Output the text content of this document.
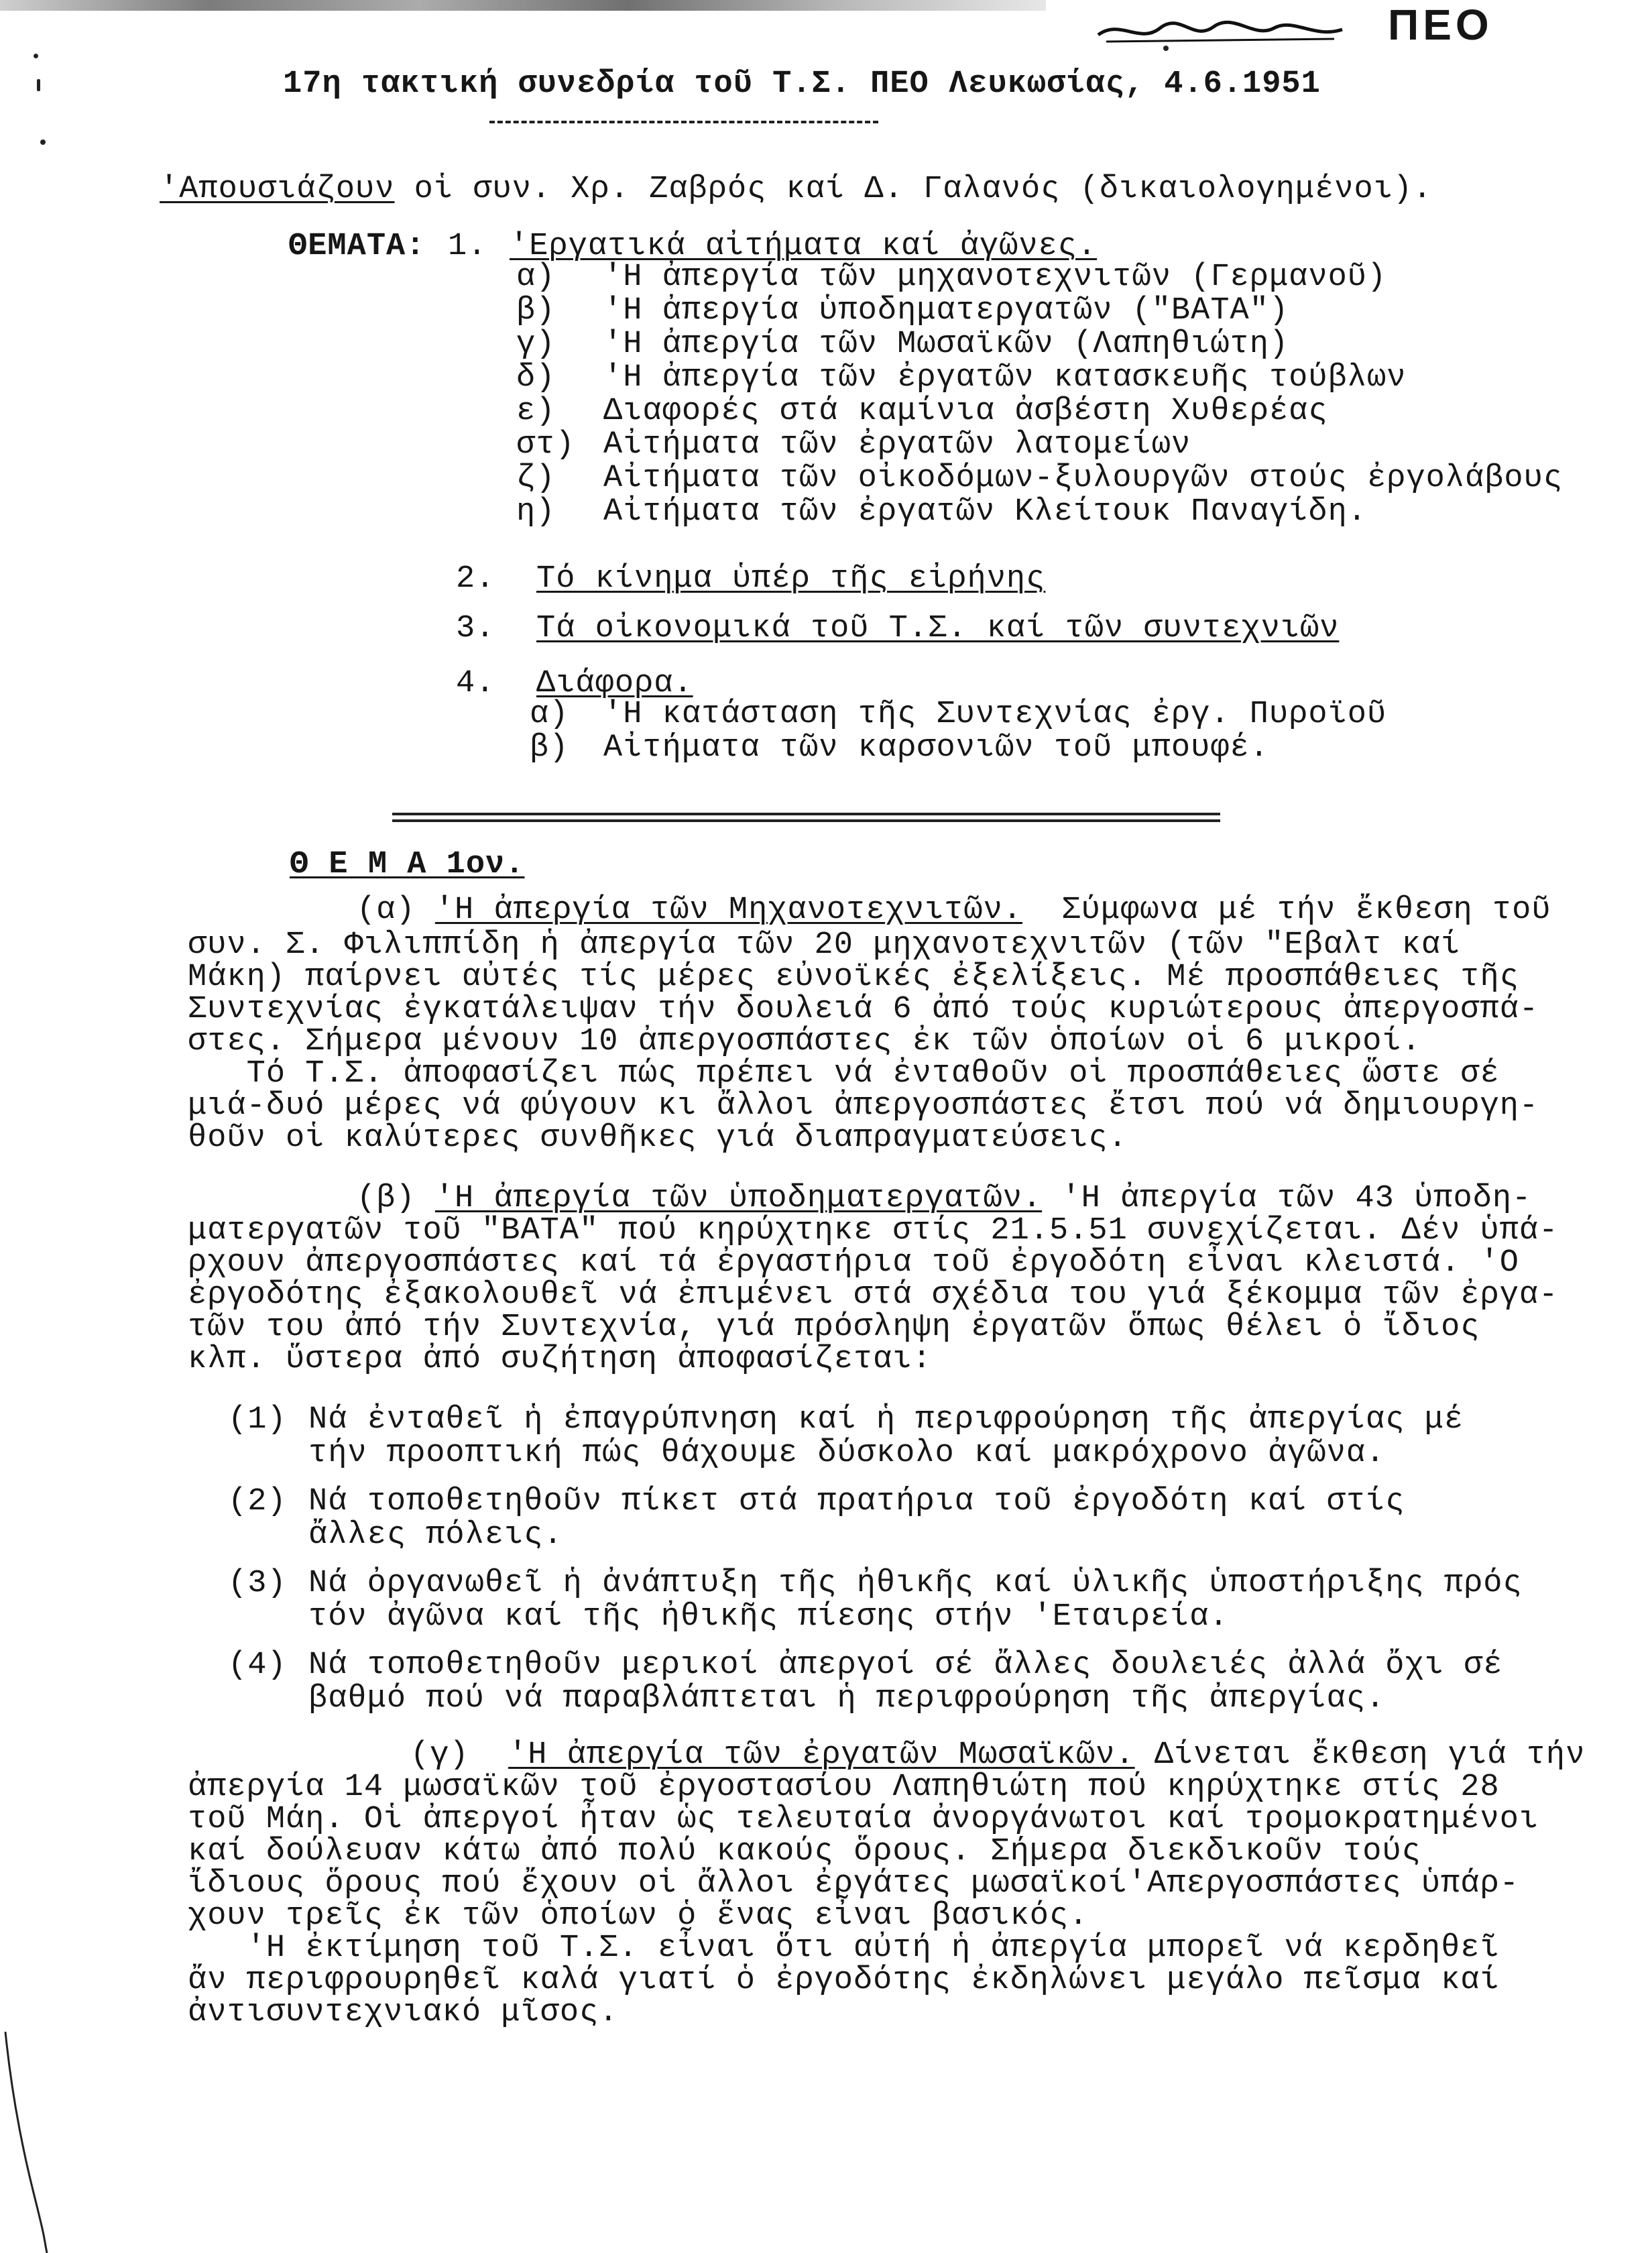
ΠΕΟ
17η τακτική συνεδρία τοῦ Τ.Σ. ΠΕΟ Λευκωσίας, 4.6.1951
'Απουσιάζουν οἱ συν. Χρ. Ζαβρός καί Δ. Γαλανός (δικαιολογημένοι).
ΘΕΜΑΤΑ: 1. 'Εργατικά αἰτήματα καί ἀγῶνες.
α) 'Η ἀπεργία τῶν μηχανοτεχνιτῶν (Γερμανοῦ)
β) 'Η ἀπεργία ὑποδηματεργατῶν ("ΒΑΤΑ")
γ) 'Η ἀπεργία τῶν Μωσαϊκῶν (Λαπηθιώτη)
δ) 'Η ἀπεργία τῶν ἐργατῶν κατασκευῆς τούβλων
ε) Διαφορές στά καμίνια ἀσβέστη Χυθερέας
στ) Αἰτήματα τῶν ἐργατῶν λατομείων
ζ) Αἰτήματα τῶν οἰκοδόμων-ξυλουργῶν στούς ἐργολάβους
η) Αἰτήματα τῶν ἐργατῶν Κλείτουκ Παναγίδη.
2. Τό κίνημα ὑπέρ τῆς εἰρήνης
3. Τά οἰκονομικά τοῦ Τ.Σ. καί τῶν συντεχνιῶν
4. Διάφορα.
α) 'Η κατάσταση τῆς Συντεχνίας ἐργ. Πυροϊοῦ
β) Αἰτήματα τῶν καρσονιῶν τοῦ μπουφέ.
Θ Ε Μ Α 1ον.
(α) 'Η ἀπεργία τῶν Μηχανοτεχνιτῶν. Σύμφωνα μέ τήν ἔκθεση τοῦ
συν. Σ. Φιλιππίδη ἡ ἀπεργία τῶν 20 μηχανοτεχνιτῶν (τῶν "Εβαλτ καί
Μάκη) παίρνει αὐτές τίς μέρες εὐνοϊκές ἐξελίξεις. Μέ προσπάθειες τῆς
Συντεχνίας ἐγκατάλειψαν τήν δουλειά 6 ἀπό τούς κυριώτερους ἀπεργοσπά-
στες. Σήμερα μένουν 10 ἀπεργοσπάστες ἐκ τῶν ὁποίων οἱ 6 μικροί.
Τό Τ.Σ. ἀποφασίζει πώς πρέπει νά ἐνταθοῦν οἱ προσπάθειες ὥστε σέ
μιά-δυό μέρες νά φύγουν κι ἄλλοι ἀπεργοσπάστες ἔτσι πού νά δημιουργη-
θοῦν οἱ καλύτερες συνθῆκες γιά διαπραγματεύσεις.
(β) 'Η ἀπεργία τῶν ὑποδηματεργατῶν. 'Η ἀπεργία τῶν 43 ὑποδη-
ματεργατῶν τοῦ "ΒΑΤΑ" πού κηρύχτηκε στίς 21.5.51 συνεχίζεται. Δέν ὑπά-
ρχουν ἀπεργοσπάστες καί τά ἐργαστήρια τοῦ ἐργοδότη εἶναι κλειστά. 'Ο
ἐργοδότης ἐξακολουθεῖ νά ἐπιμένει στά σχέδια του γιά ξέκομμα τῶν ἐργα-
τῶν του ἀπό τήν Συντεχνία, γιά πρόσληψη ἐργατῶν ὅπως θέλει ὁ ἴδιος
κλπ. ὕστερα ἀπό συζήτηση ἀποφασίζεται:
(1) Νά ἐνταθεῖ ἡ ἐπαγρύπνηση καί ἡ περιφρούρηση τῆς ἀπεργίας μέ
τήν προοπτική πώς θάχουμε δύσκολο καί μακρόχρονο ἀγῶνα.
(2) Νά τοποθετηθοῦν πίκετ στά πρατήρια τοῦ ἐργοδότη καί στίς
ἄλλες πόλεις.
(3) Νά ὀργανωθεῖ ἡ ἀνάπτυξη τῆς ἠθικῆς καί ὑλικῆς ὑποστήριξης πρός
τόν ἀγῶνα καί τῆς ἠθικῆς πίεσης στήν 'Εταιρεία.
(4) Νά τοποθετηθοῦν μερικοί ἀπεργοί σέ ἄλλες δουλειές ἀλλά ὄχι σέ
βαθμό πού νά παραβλάπτεται ἡ περιφρούρηση τῆς ἀπεργίας.
(γ) 'Η ἀπεργία τῶν ἐργατῶν Μωσαϊκῶν. Δίνεται ἔκθεση γιά τήν
ἀπεργία 14 μωσαϊκῶν τοῦ ἐργοστασίου Λαπηθιώτη πού κηρύχτηκε στίς 28
τοῦ Μάη. Οἱ ἀπεργοί ἦταν ὡς τελευταία ἀνοργάνωτοι καί τρομοκρατημένοι
καί δούλευαν κάτω ἀπό πολύ κακούς ὅρους. Σήμερα διεκδικοῦν τούς
ἴδιους ὅρους πού ἔχουν οἱ ἄλλοι ἐργάτες μωσαϊκοί'Απεργοσπάστες ὑπάρ-
χουν τρεῖς ἐκ τῶν ὁποίων ὁ ἕνας εἶναι βασικός.
'Η ἐκτίμηση τοῦ Τ.Σ. εἶναι ὅτι αὐτή ἡ ἀπεργία μπορεῖ νά κερδηθεῖ
ἄν περιφρουρηθεῖ καλά γιατί ὁ ἐργοδότης ἐκδηλώνει μεγάλο πεῖσμα καί
ἀντισυντεχνιακό μῖσος.
